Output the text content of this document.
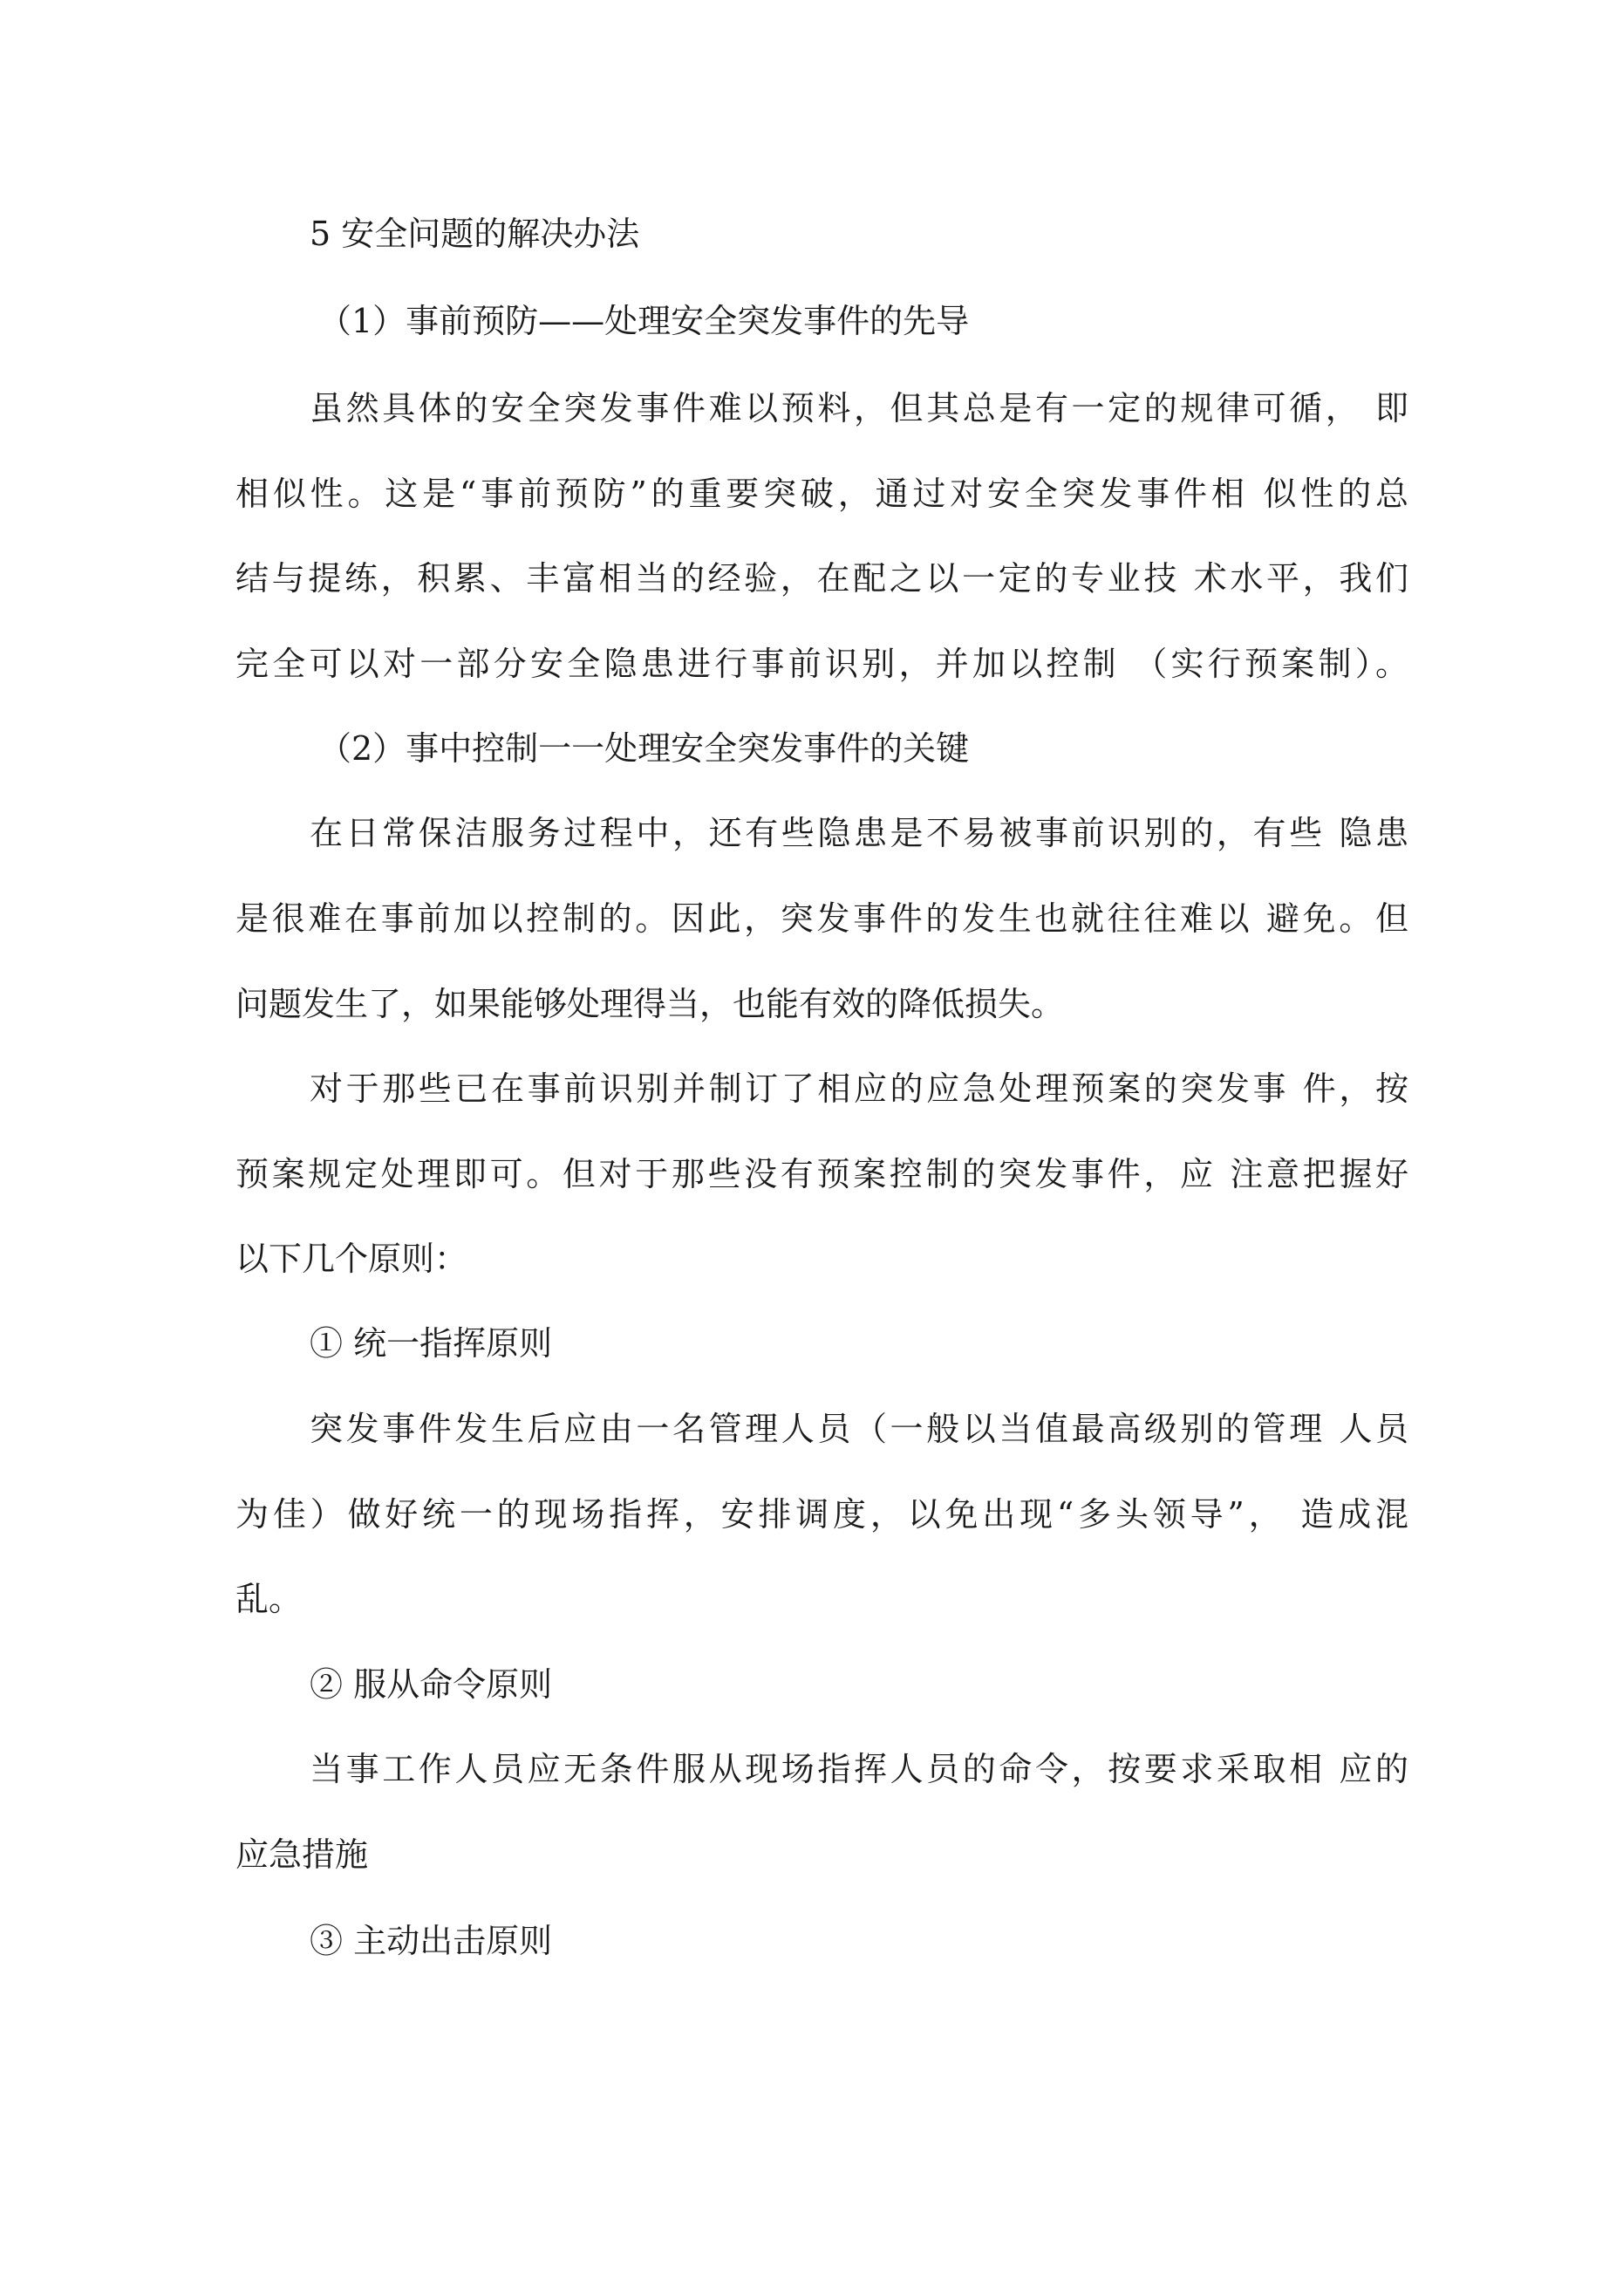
5 安全问题的解决办法
（1）事前预防——处理安全突发事件的先导
虽然具体的安全突发事件难以预料，但其总是有一定的规律可循， 即
相似性。这是“事前预防”的重要突破，通过对安全突发事件相 似性的总
结与提练，积累、丰富相当的经验，在配之以一定的专业技 术水平，我们
完全可以对一部分安全隐患进行事前识别，并加以控制 （实行预案制）。
（2）事中控制一一处理安全突发事件的关键
在日常保洁服务过程中，还有些隐患是不易被事前识别的，有些 隐患
是很难在事前加以控制的。因此，突发事件的发生也就往往难以 避免。但
问题发生了，如果能够处理得当，也能有效的降低损失。
对于那些已在事前识别并制订了相应的应急处理预案的突发事 件，按
预案规定处理即可。但对于那些没有预案控制的突发事件，应 注意把握好
以下几个原则：
① 统一指挥原则
突发事件发生后应由一名管理人员（一般以当值最高级别的管理 人员
为佳）做好统一的现场指挥，安排调度，以免出现“多头领导”， 造成混
乱。
② 服从命令原则
当事工作人员应无条件服从现场指挥人员的命令，按要求采取相 应的
应急措施
③ 主动出击原则
